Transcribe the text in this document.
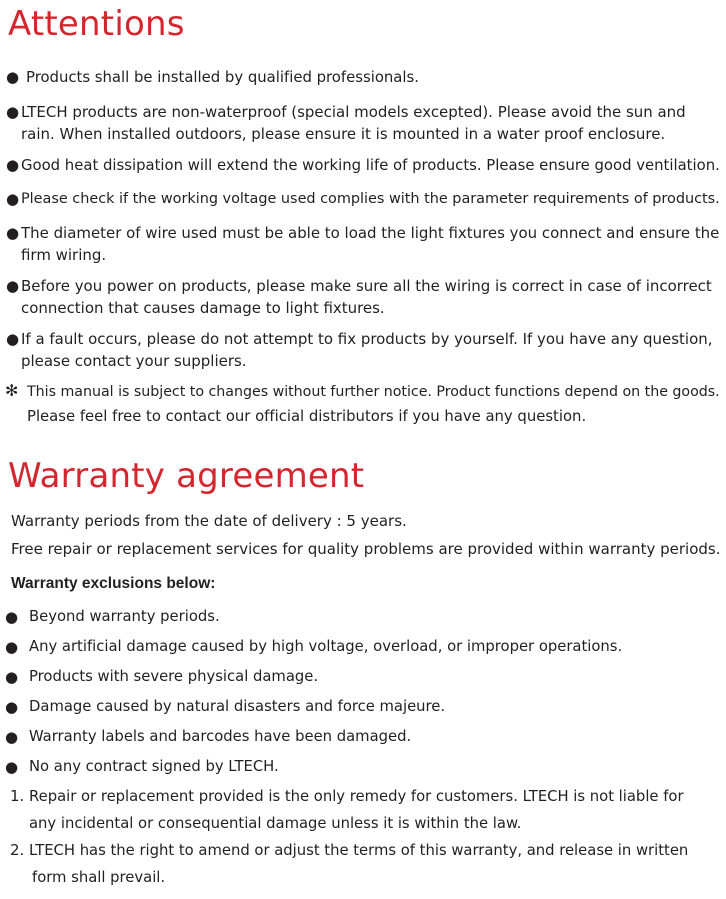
Attentions
● Products shall be installed by qualified professionals.
● LTECH products are non-waterproof (special models excepted). Please avoid the sun and
rain. When installed outdoors, please ensure it is mounted in a water proof enclosure.
● Good heat dissipation will extend the working life of products. Please ensure good ventilation.
● Please check if the working voltage used complies with the parameter requirements of products.
● The diameter of wire used must be able to load the light fixtures you connect and ensure the
firm wiring.
● Before you power on products, please make sure all the wiring is correct in case of incorrect
connection that causes damage to light fixtures.
● If a fault occurs, please do not attempt to fix products by yourself. If you have any question,
please contact your suppliers.
✻ This manual is subject to changes without further notice. Product functions depend on the goods.
Please feel free to contact our official distributors if you have any question.
Warranty agreement
Warranty periods from the date of delivery : 5 years.
Free repair or replacement services for quality problems are provided within warranty periods.
Warranty exclusions below:
● Beyond warranty periods.
● Any artificial damage caused by high voltage, overload, or improper operations.
● Products with severe physical damage.
● Damage caused by natural disasters and force majeure.
● Warranty labels and barcodes have been damaged.
● No any contract signed by LTECH.
1. Repair or replacement provided is the only remedy for customers. LTECH is not liable for
any incidental or consequential damage unless it is within the law.
2. LTECH has the right to amend or adjust the terms of this warranty, and release in written
form shall prevail.
